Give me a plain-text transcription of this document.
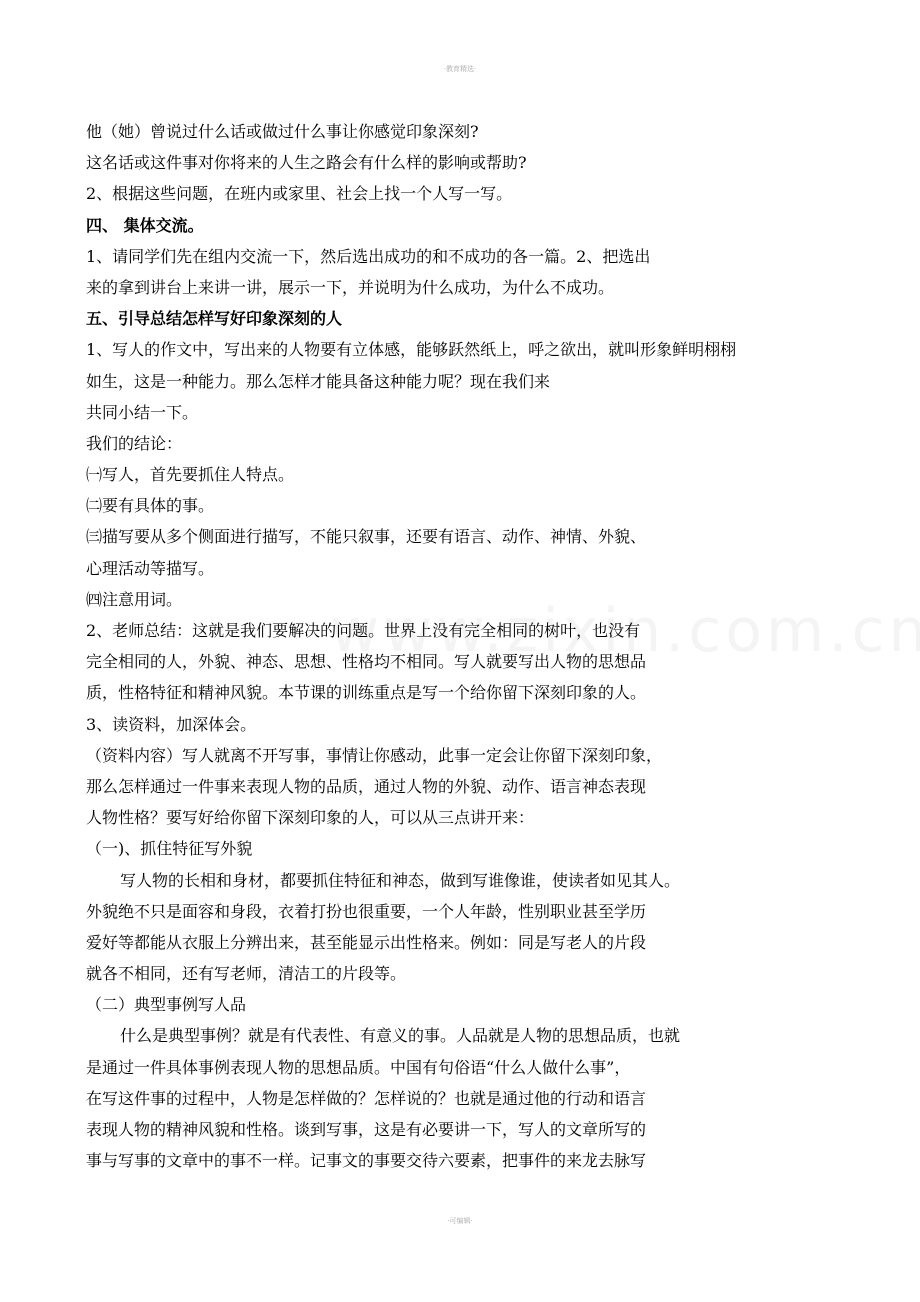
·教育精选·
他（她）曾说过什么话或做过什么事让你感觉印象深刻?
这名话或这件事对你将来的人生之路会有什么样的影响或帮助?
2、根据这些问题，在班内或家里、社会上找一个人写一写。
四、 集体交流。
1、请同学们先在组内交流一下，然后选出成功的和不成功的各一篇。2、把选出
来的拿到讲台上来讲一讲，展示一下，并说明为什么成功，为什么不成功。
五、引导总结怎样写好印象深刻的人
1、写人的作文中，写出来的人物要有立体感，能够跃然纸上，呼之欲出，就叫形象鲜明栩栩
如生，这是一种能力。那么怎样才能具备这种能力呢？现在我们来
共同小结一下。
我们的结论：
㈠写人，首先要抓住人特点。
㈡要有具体的事。
㈢描写要从多个侧面进行描写，不能只叙事，还要有语言、动作、神情、外貌、
心理活动等描写。
㈣注意用词。
2、老师总结：这就是我们要解决的问题。世界上没有完全相同的树叶，也没有
完全相同的人，外貌、神态、思想、性格均不相同。写人就要写出人物的思想品
质，性格特征和精神风貌。本节课的训练重点是写一个给你留下深刻印象的人。
3、读资料，加深体会。
（资料内容）写人就离不开写事，事情让你感动，此事一定会让你留下深刻印象，
那么怎样通过一件事来表现人物的品质，通过人物的外貌、动作、语言神态表现
人物性格？要写好给你留下深刻印象的人，可以从三点讲开来：
（一)、抓住特征写外貌
写人物的长相和身材，都要抓住特征和神态，做到写谁像谁，使读者如见其人。
外貌绝不只是面容和身段，衣着打扮也很重要，一个人年龄，性别职业甚至学历
爱好等都能从衣服上分辨出来，甚至能显示出性格来。例如：同是写老人的片段
就各不相同，还有写老师，清洁工的片段等。
（二）典型事例写人品
什么是典型事例？就是有代表性、有意义的事。人品就是人物的思想品质，也就
是通过一件具体事例表现人物的思想品质。中国有句俗语“什么人做什么事”，
在写这件事的过程中，人物是怎样做的？怎样说的？也就是通过他的行动和语言
表现人物的精神风貌和性格。谈到写事，这是有必要讲一下，写人的文章所写的
事与写事的文章中的事不一样。记事文的事要交待六要素，把事件的来龙去脉写
·可编辑·
